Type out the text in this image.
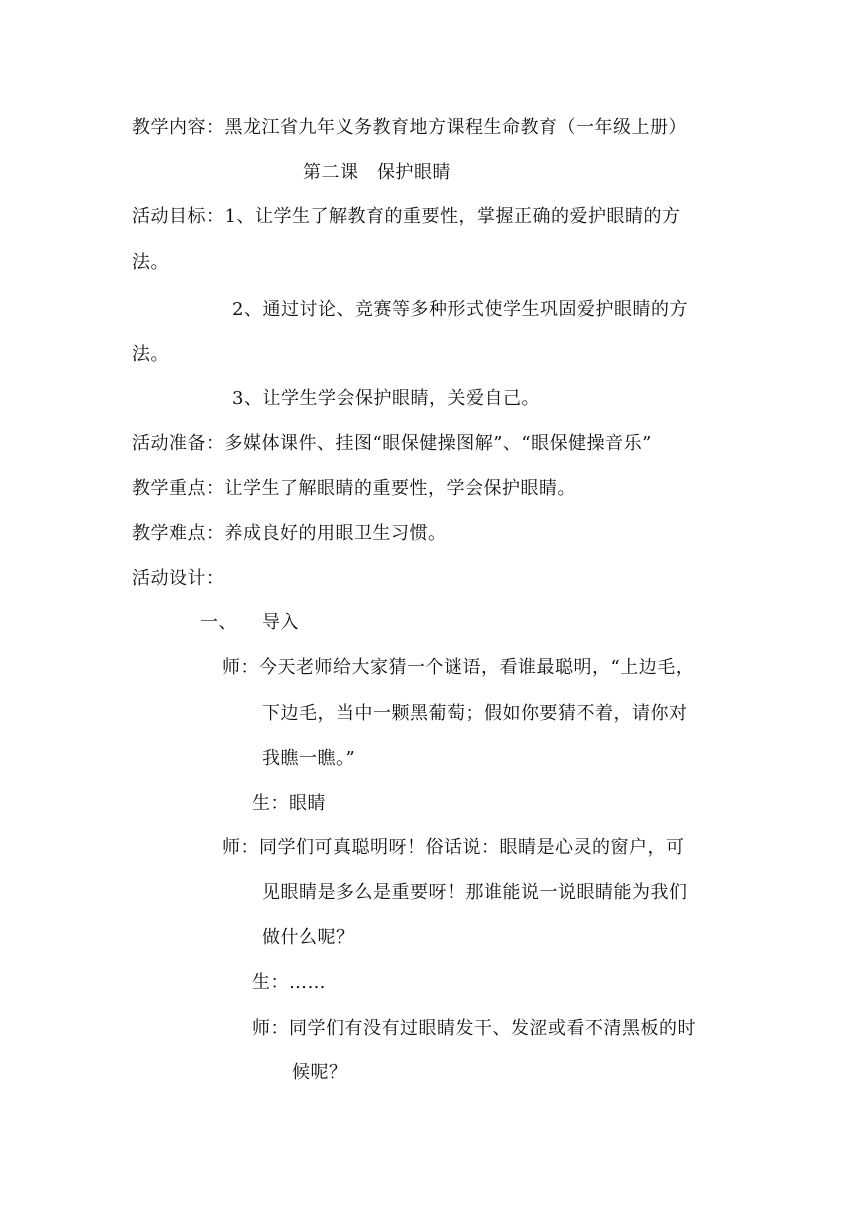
教学内容：黑龙江省九年义务教育地方课程生命教育（一年级上册）
第二课　保护眼睛
活动目标：1、让学生了解教育的重要性，掌握正确的爱护眼睛的方
法。
2、通过讨论、竞赛等多种形式使学生巩固爱护眼睛的方
法。
3、让学生学会保护眼睛，关爱自己。
活动准备：多媒体课件、挂图“眼保健操图解”、“眼保健操音乐”
教学重点：让学生了解眼睛的重要性，学会保护眼睛。
教学难点：养成良好的用眼卫生习惯。
活动设计：
一、 导入
师：今天老师给大家猜一个谜语，看谁最聪明，“上边毛，
下边毛，当中一颗黑葡萄；假如你要猜不着，请你对
我瞧一瞧。”
生：眼睛
师：同学们可真聪明呀！俗话说：眼睛是心灵的窗户，可
见眼睛是多么是重要呀！那谁能说一说眼睛能为我们
做什么呢？
生：……
师：同学们有没有过眼睛发干、发涩或看不清黑板的时
候呢？
